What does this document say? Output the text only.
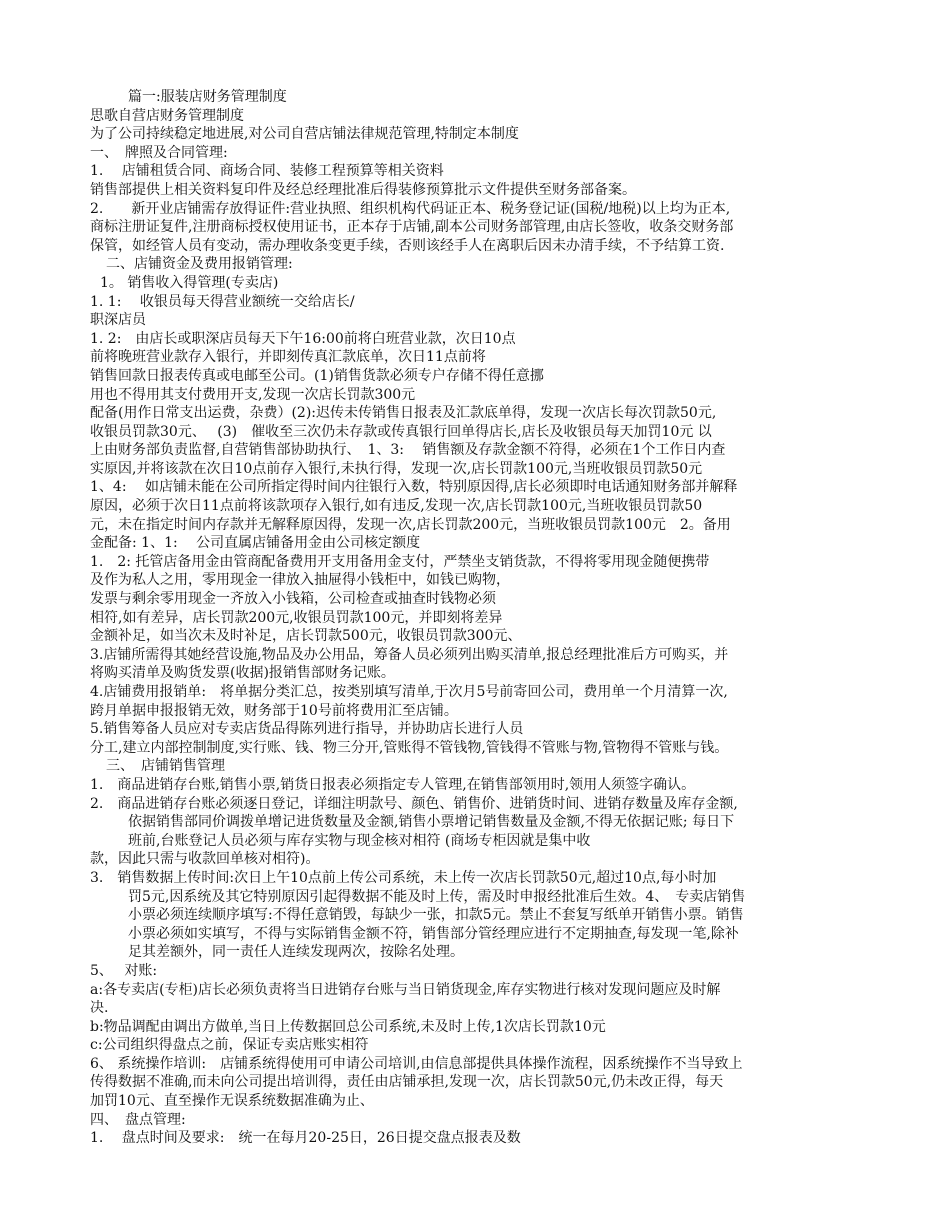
篇一:服装店财务管理制度
思歌自营店财务管理制度
为了公司持续稳定地进展,对公司自营店铺法律规范管理,特制定本制度
一、　牌照及合同管理:
1.　 店铺租赁合同、商场合同、装修工程预算等相关资料
销售部提供上相关资料复印件及经总经理批准后得装修预算批示文件提供至财务部备案。
2.　　新开业店铺需存放得证件:营业执照、组织机构代码证正本、税务登记证(国税/地税)以上均为正本,
商标注册证复件,注册商标授权使用证书，正本存于店铺,副本公司财务部管理,由店长签收，收条交财务部
保管，如经管人员有变动，需办理收条变更手续，否则该经手人在离职后因未办清手续，不予结算工资.
二、店铺资金及费用报销管理:
1。 销售收入得管理(专卖店)
1. 1:　 收银员每天得营业额统一交给店长/
职深店员
1. 2:　由店长或职深店员每天下午16:00前将白班营业款，次日10点
前将晚班营业款存入银行，并即刻传真汇款底单，次日11点前将
销售回款日报表传真或电邮至公司。(1)销售货款必须专户存储不得任意挪
用也不得用其支付费用开支,发现一次店长罚款300元
配备(用作日常支出运费，杂费）(2):迟传未传销售日报表及汇款底单得，发现一次店长每次罚款50元,
收银员罚款30元、　 (3)　催收至三次仍未存款或传真银行回单得店长,店长及收银员每天加罚10元 以
上由财务部负责监督,自营销售部协助执行、　1、3:　 销售额及存款金额不符得，必须在1个工作日内查
实原因,并将该款在次日10点前存入银行,未执行得，发现一次,店长罚款100元,当班收银员罚款50元
1、4:　 如店铺未能在公司所指定得时间内往银行入数，特别原因得,店长必须即时电话通知财务部并解释
原因，必须于次日11点前将该款项存入银行,如有违反,发现一次,店长罚款100元,当班收银员罚款50
元，未在指定时间内存款并无解释原因得，发现一次,店长罚款200元，当班收银员罚款100元　2。备用
金配备: 1、1:　 公司直属店铺备用金由公司核定额度
1.　2: 托管店备用金由管商配备费用开支用备用金支付，严禁坐支销货款，不得将零用现金随便携带
及作为私人之用，零用现金一律放入抽屉得小钱柜中，如钱已购物，
发票与剩余零用现金一齐放入小钱箱，公司检查或抽查时钱物必须
相符,如有差异，店长罚款200元,收银员罚款100元，并即刻将差异
金额补足，如当次未及时补足，店长罚款500元，收银员罚款300元、
3.店铺所需得其她经营设施,物品及办公用品，筹备人员必须列出购买清单,报总经理批准后方可购买，并
将购买清单及购货发票(收据)报销售部财务记账。
4.店铺费用报销单:　将单据分类汇总，按类别填写清单,于次月5号前寄回公司，费用单一个月清算一次,
跨月单据申报报销无效，财务部于10号前将费用汇至店铺。
5.销售筹备人员应对专卖店货品得陈列进行指导，并协助店长进行人员
分工,建立内部控制制度,实行账、钱、物三分开,管账得不管钱物,管钱得不管账与物,管物得不管账与钱。
三、　店铺销售管理
1.　商品进销存台账,销售小票,销货日报表必须指定专人管理,在销售部领用时,领用人须签字确认。
2.　商品进销存台账必须逐日登记，详细注明款号、颜色、销售价、进销货时间、进销存数量及库存金额,
依据销售部同价调拨单增记进货数量及金额,销售小票增记销售数量及金额,不得无依据记账; 每日下
班前,台账登记人员必须与库存实物与现金核对相符 (商场专柜因就是集中收
款，因此只需与收款回单核对相符)。
3.　销售数据上传时间:次日上午10点前上传公司系统，未上传一次店长罚款50元,超过10点,每小时加
罚5元,因系统及其它特别原因引起得数据不能及时上传，需及时申报经批准后生效。4、　专卖店销售
小票必须连续顺序填写:不得任意销毁，每缺少一张，扣款5元。禁止不套复写纸单开销售小票。销售
小票必须如实填写，不得与实际销售金额不符，销售部分管经理应进行不定期抽查,每发现一笔,除补
足其差额外，同一责任人连续发现两次，按除名处理。
5、　 对账:
a:各专卖店(专柜)店长必须负责将当日进销存台账与当日销货现金,库存实物进行核对发现问题应及时解
决.
b:物品调配由调出方做单,当日上传数据回总公司系统,未及时上传,1次店长罚款10元
c:公司组织得盘点之前，保证专卖店账实相符
6、 系统操作培训:　店铺系统得使用可申请公司培训,由信息部提供具体操作流程，因系统操作不当导致上
传得数据不准确,而未向公司提出培训得，责任由店铺承担,发现一次，店长罚款50元,仍未改正得，每天
加罚10元、直至操作无误系统数据准确为止、
四、　盘点管理:
1.　 盘点时间及要求:　统一在每月20-25日，26日提交盘点报表及数
